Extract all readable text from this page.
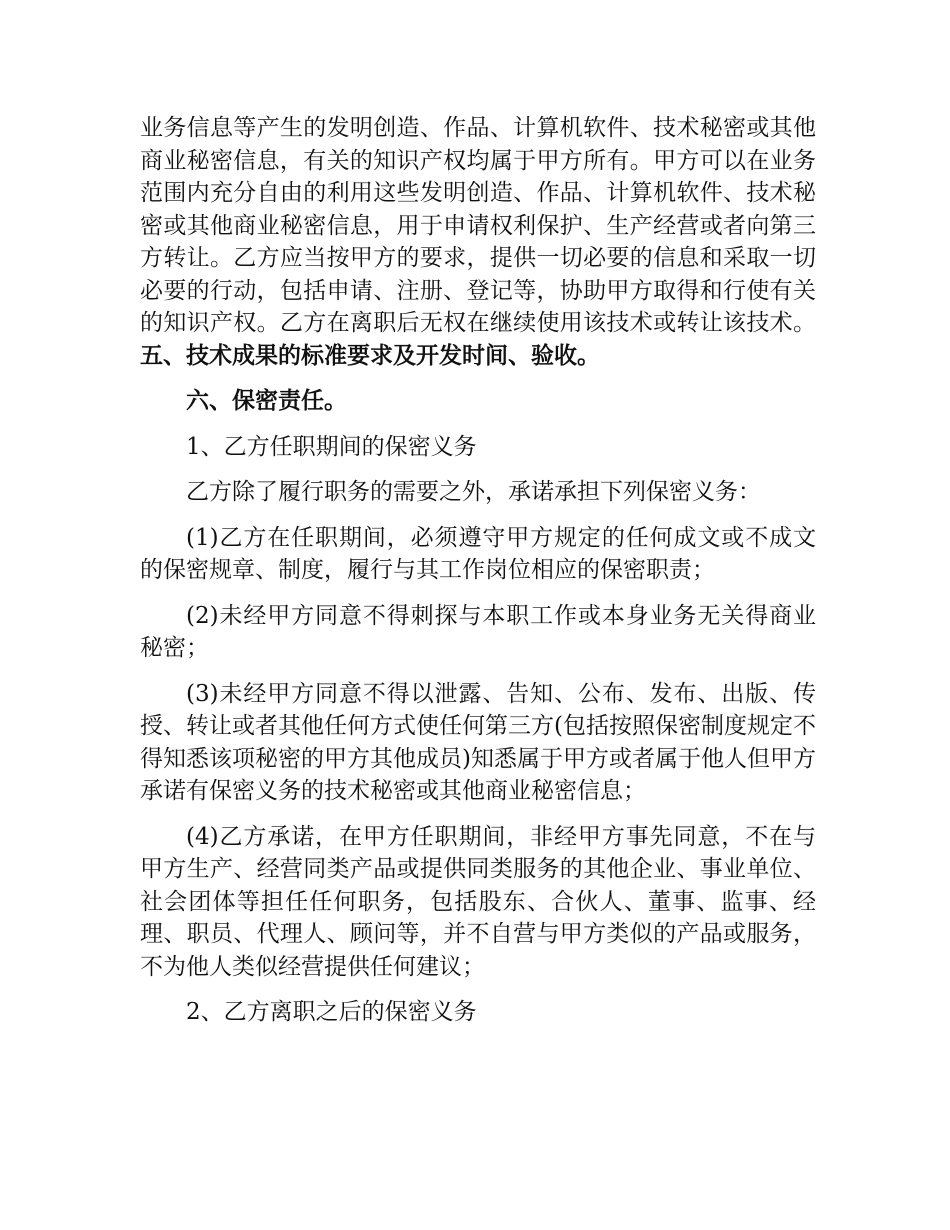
业务信息等产生的发明创造、作品、计算机软件、技术秘密或其他商业秘密信息，有关的知识产权均属于甲方所有。甲方可以在业务范围内充分自由的利用这些发明创造、作品、计算机软件、技术秘密或其他商业秘密信息，用于申请权利保护、生产经营或者向第三方转让。乙方应当按甲方的要求，提供一切必要的信息和采取一切必要的行动，包括申请、注册、登记等，协助甲方取得和行使有关的知识产权。乙方在离职后无权在继续使用该技术或转让该技术。五、技术成果的标准要求及开发时间、验收。

六、保密责任。

1、乙方任职期间的保密义务

乙方除了履行职务的需要之外，承诺承担下列保密义务：

(1)乙方在任职期间，必须遵守甲方规定的任何成文或不成文的保密规章、制度，履行与其工作岗位相应的保密职责；

(2)未经甲方同意不得刺探与本职工作或本身业务无关得商业秘密；

(3)未经甲方同意不得以泄露、告知、公布、发布、出版、传授、转让或者其他任何方式使任何第三方(包括按照保密制度规定不得知悉该项秘密的甲方其他成员)知悉属于甲方或者属于他人但甲方承诺有保密义务的技术秘密或其他商业秘密信息；

(4)乙方承诺，在甲方任职期间，非经甲方事先同意，不在与甲方生产、经营同类产品或提供同类服务的其他企业、事业单位、社会团体等担任任何职务，包括股东、合伙人、董事、监事、经理、职员、代理人、顾问等，并不自营与甲方类似的产品或服务，不为他人类似经营提供任何建议；

2、乙方离职之后的保密义务
